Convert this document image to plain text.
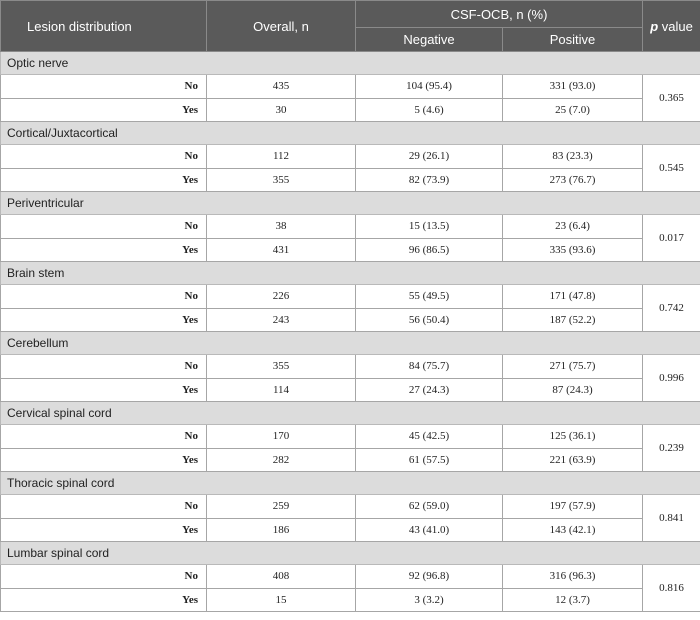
Lesion distribution	Overall, n	CSF-OCB, n (%)		p value
		Negative	Positive	
Optic nerve				
No	435	104 (95.4)	331 (93.0)	0.365
Yes	30	5 (4.6)	25 (7.0)	
Cortical/Juxtacortical				
No	112	29 (26.1)	83 (23.3)	0.545
Yes	355	82 (73.9)	273 (76.7)	
Periventricular				
No	38	15 (13.5)	23 (6.4)	0.017
Yes	431	96 (86.5)	335 (93.6)	
Brain stem				
No	226	55 (49.5)	171 (47.8)	0.742
Yes	243	56 (50.4)	187 (52.2)	
Cerebellum				
No	355	84 (75.7)	271 (75.7)	0.996
Yes	114	27 (24.3)	87 (24.3)	
Cervical spinal cord				
No	170	45 (42.5)	125 (36.1)	0.239
Yes	282	61 (57.5)	221 (63.9)	
Thoracic spinal cord				
No	259	62 (59.0)	197 (57.9)	0.841
Yes	186	43 (41.0)	143 (42.1)	
Lumbar spinal cord				
No	408	92 (96.8)	316 (96.3)	0.816
Yes	15	3 (3.2)	12 (3.7)	
